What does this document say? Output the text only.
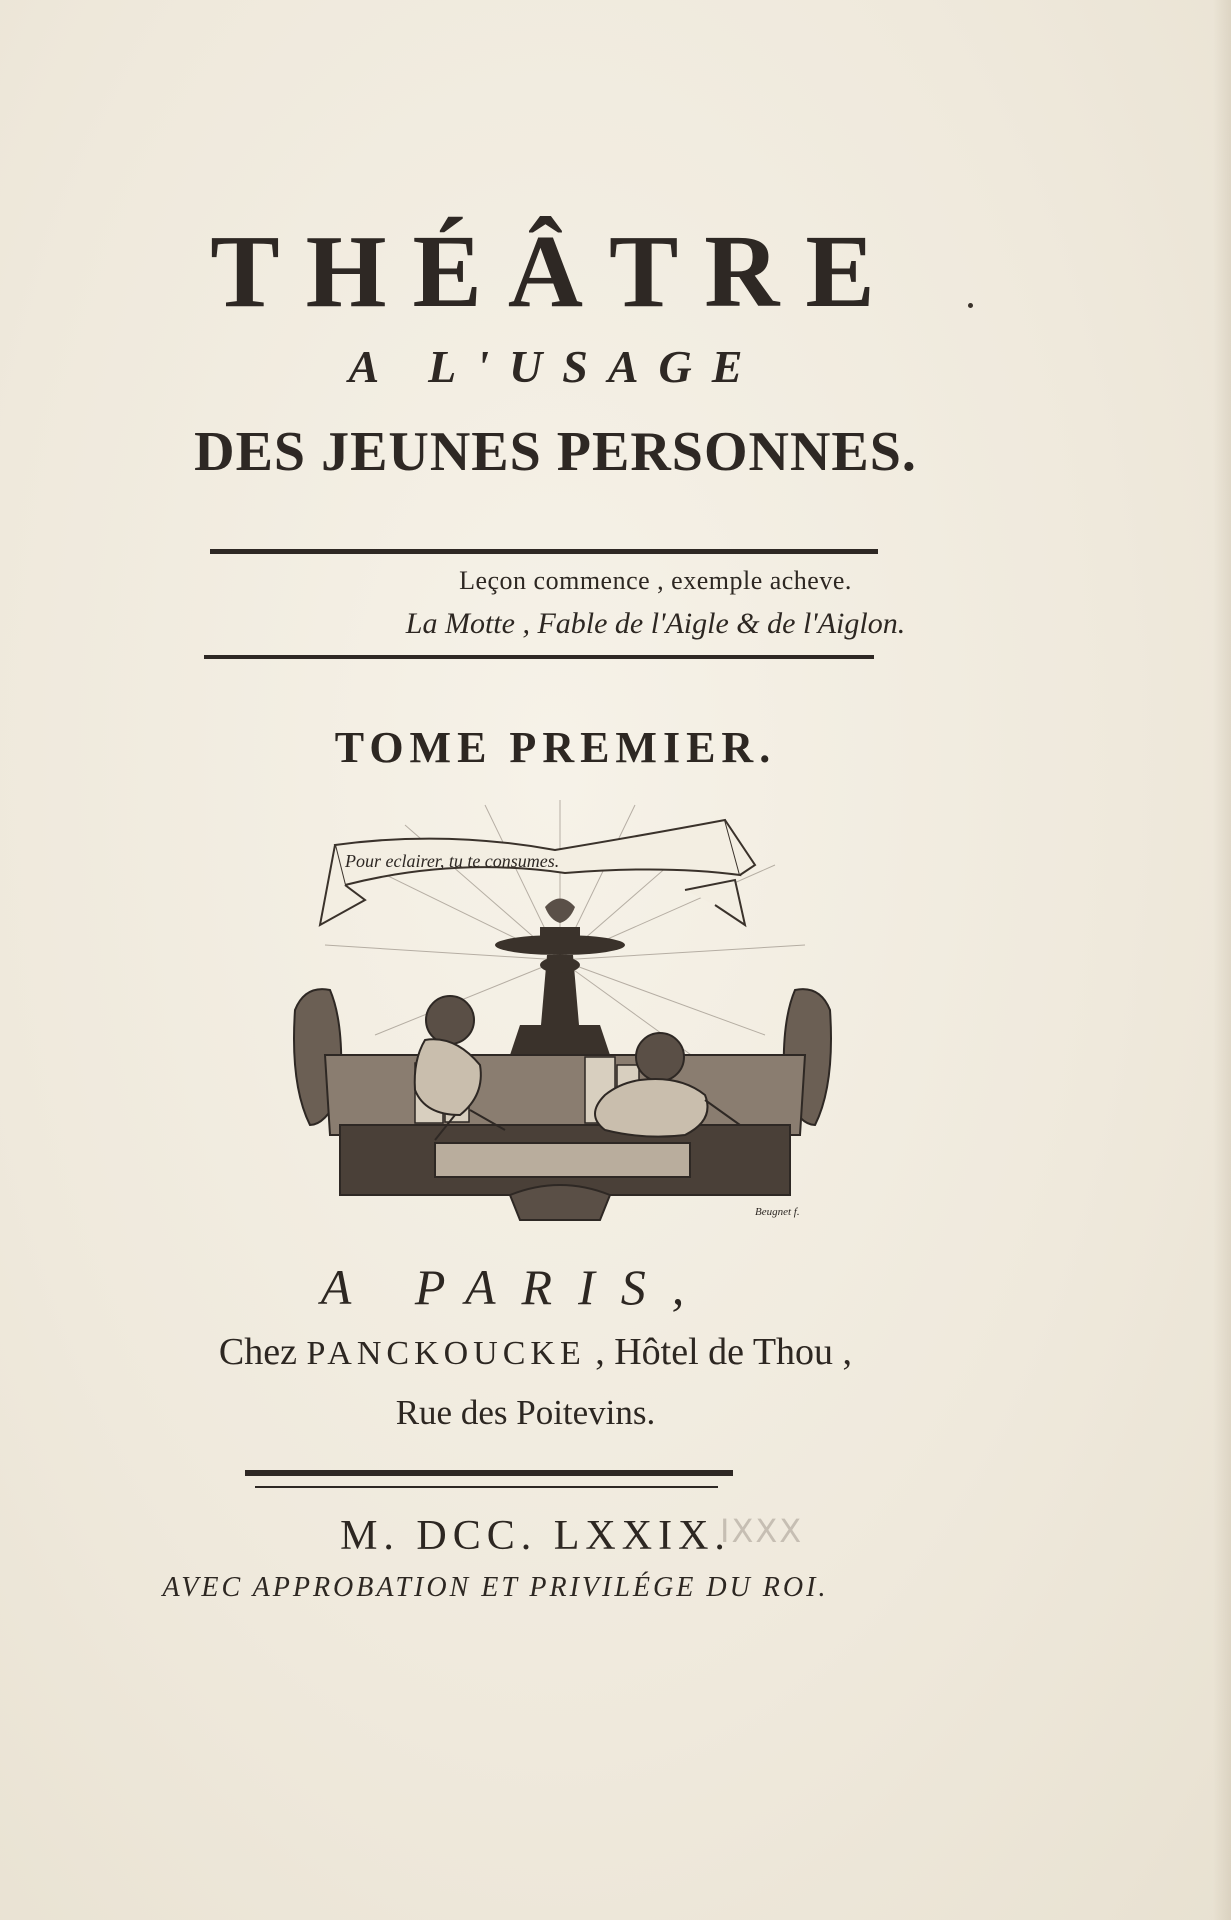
THÉÂTRE
A L'USAGE
DES JEUNES PERSONNES.
Leçon commence , exemple acheve.
La Motte , Fable de l'Aigle & de l'Aiglon.
TOME PREMIER.
Pour eclairer, tu te consumes.
Beugnet f.
A PARIS,
Chez PANCKOUCKE , Hôtel de Thou ,
Rue des Poitevins.
M. DCC. LXXIX.
IXXX
AVEC APPROBATION ET PRIVILÉGE DU ROI.
